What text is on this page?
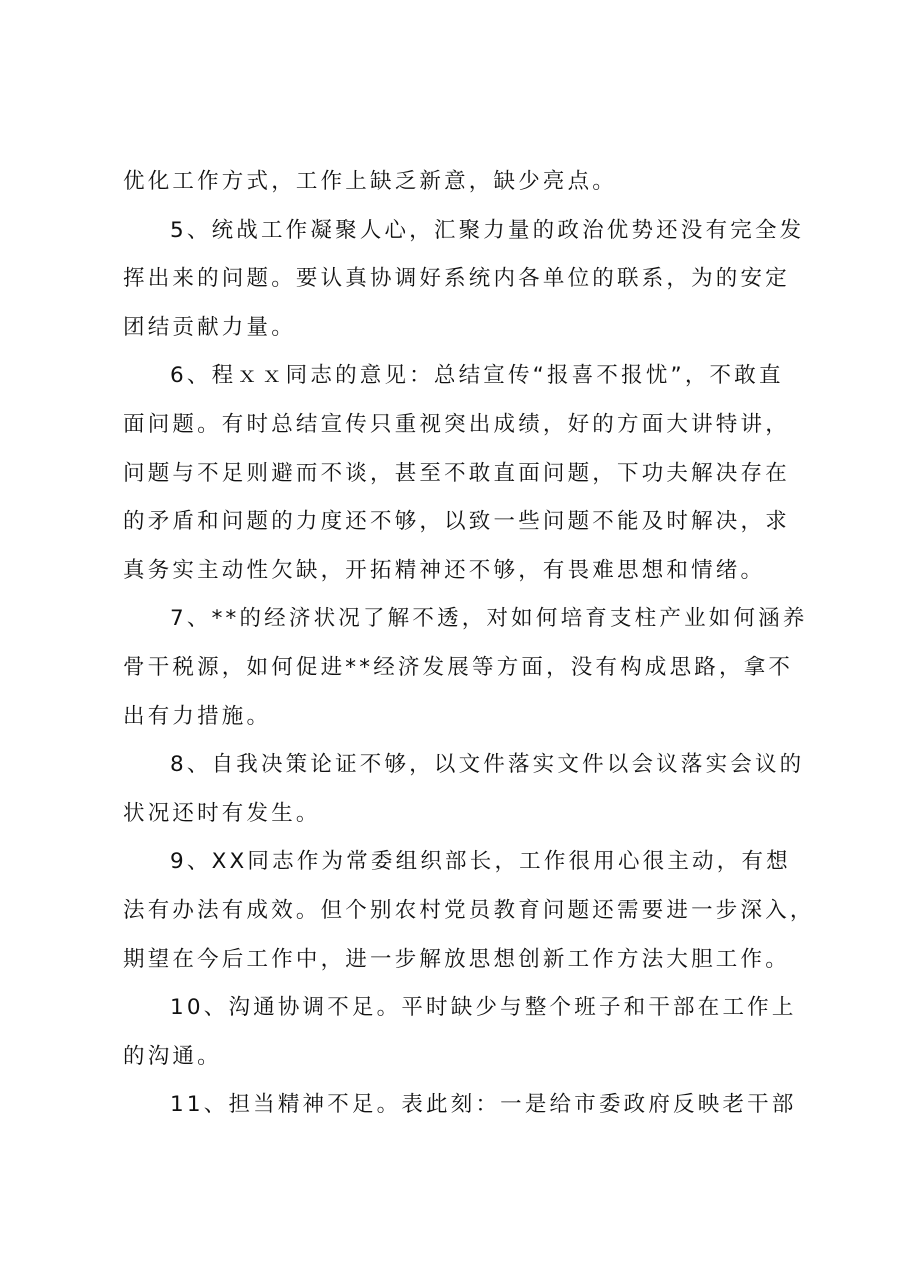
优化工作方式，工作上缺乏新意，缺少亮点。

5、统战工作凝聚人心，汇聚力量的政治优势还没有完全发
挥出来的问题。要认真协调好系统内各单位的联系，为的安定
团结贡献力量。

6、程ｘｘ同志的意见：总结宣传“报喜不报忧”，不敢直
面问题。有时总结宣传只重视突出成绩，好的方面大讲特讲，
问题与不足则避而不谈，甚至不敢直面问题，下功夫解决存在
的矛盾和问题的力度还不够，以致一些问题不能及时解决，求
真务实主动性欠缺，开拓精神还不够，有畏难思想和情绪。

7、**的经济状况了解不透，对如何培育支柱产业如何涵养
骨干税源，如何促进**经济发展等方面，没有构成思路，拿不
出有力措施。

8、自我决策论证不够，以文件落实文件以会议落实会议的
状况还时有发生。

9、XX同志作为常委组织部长，工作很用心很主动，有想
法有办法有成效。但个别农村党员教育问题还需要进一步深入，
期望在今后工作中，进一步解放思想创新工作方法大胆工作。

10、沟通协调不足。平时缺少与整个班子和干部在工作上
的沟通。

11、担当精神不足。表此刻：一是给市委政府反映老干部
